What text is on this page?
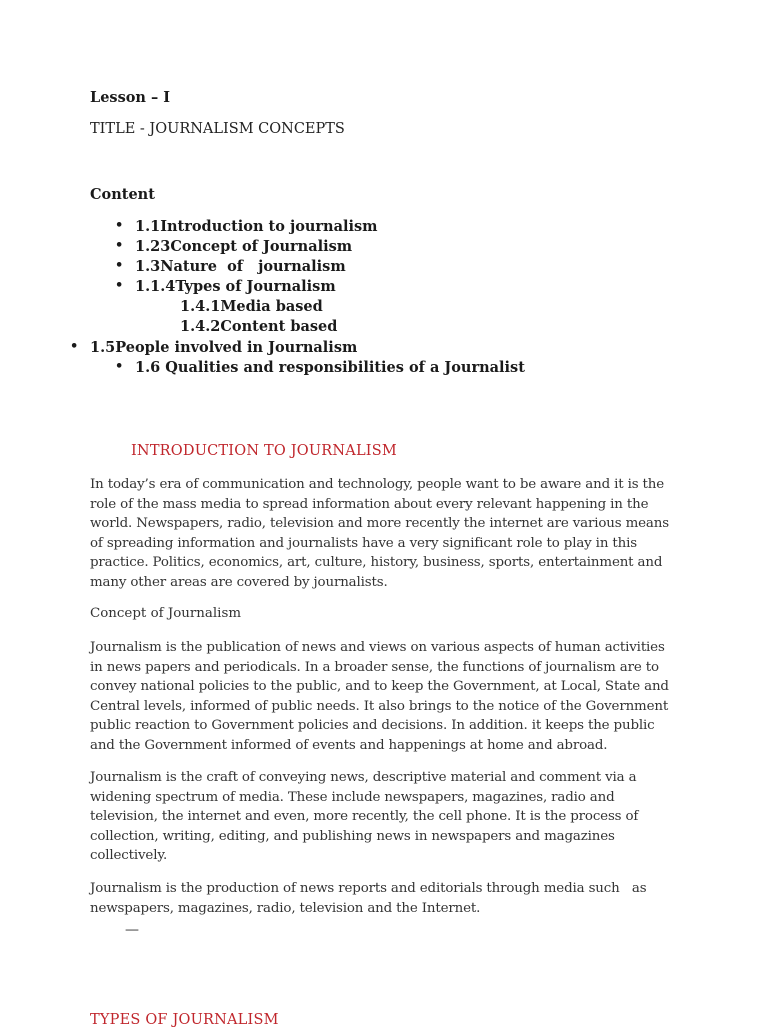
Lesson – I
TITLE - JOURNALISM CONCEPTS
Content
• 1.1Introduction to journalism
• 1.23Concept of Journalism
• 1.3Nature  of   journalism
• 1.1.4Types of Journalism
1.4.1Media based
1.4.2Content based
• 1.5People involved in Journalism
• 1.6 Qualities and responsibilities of a Journalist
INTRODUCTION TO JOURNALISM

In today’s era of communication and technology, people want to be aware and it is the
role of the mass media to spread information about every relevant happening in the
world. Newspapers, radio, television and more recently the internet are various means
of spreading information and journalists have a very significant role to play in this
practice. Politics, economics, art, culture, history, business, sports, entertainment and
many other areas are covered by journalists.

Concept of Journalism

Journalism is the publication of news and views on various aspects of human activities
in news papers and periodicals. In a broader sense, the functions of journalism are to
convey national policies to the public, and to keep the Government, at Local, State and
Central levels, informed of public needs. It also brings to the notice of the Government
public reaction to Government policies and decisions. In addition. it keeps the public
and the Government informed of events and happenings at home and abroad.

Journalism is the craft of conveying news, descriptive material and comment via a
widening spectrum of media. These include newspapers, magazines, radio and
television, the internet and even, more recently, the cell phone. It is the process of
collection, writing, editing, and publishing news in newspapers and magazines
collectively.

Journalism is the production of news reports and editorials through media such   as
newspapers, magazines, radio, television and the Internet.

—
TYPES OF JOURNALISM
